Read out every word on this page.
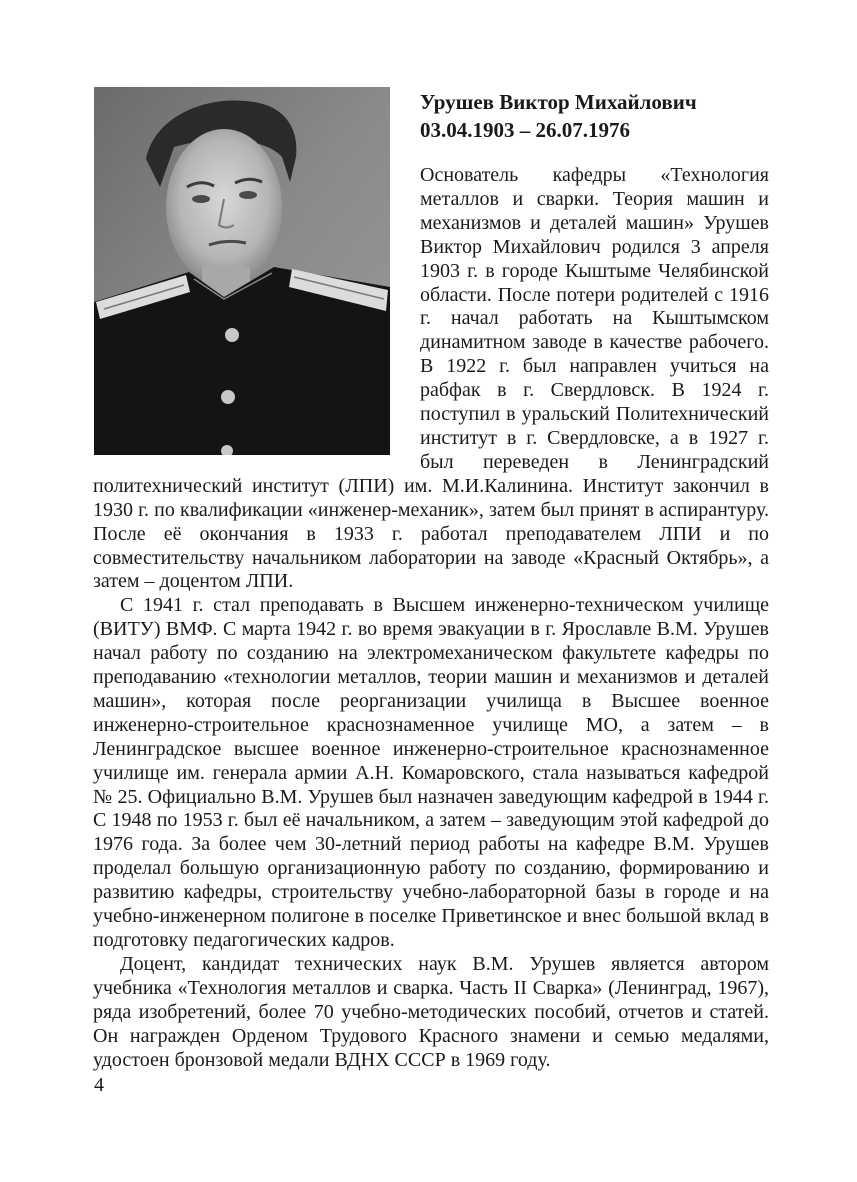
Урушев Виктор Михайлович
03.04.1903 – 26.07.1976

Основатель кафедры «Технология металлов и сварки. Теория машин и механизмов и деталей машин» Урушев Виктор Михайлович родился 3 апреля 1903 г. в городе Кыштыме Челябинской области. После потери родителей с 1916 г. начал работать на Кыштымском динамитном заводе в качестве рабочего. В 1922 г. был направлен учиться на рабфак в г. Свердловск. В 1924 г. поступил в уральский Политехнический институт в г. Свердловске, а в 1927 г. был переведен в Ленинградский политехнический институт (ЛПИ) им. М.И.Калинина. Институт закончил в 1930 г. по квалификации «инженер-механик», затем был принят в аспирантуру. После её окончания в 1933 г. работал преподавателем ЛПИ и по совместительству начальником лаборатории на заводе «Красный Октябрь», а затем – доцентом ЛПИ.

С 1941 г. стал преподавать в Высшем инженерно-техническом училище (ВИТУ) ВМФ. С марта 1942 г. во время эвакуации в г. Ярославле В.М. Урушев начал работу по созданию на электромеханическом факультете кафедры по преподаванию «технологии металлов, теории машин и механизмов и деталей машин», которая после реорганизации училища в Высшее военное инженерно-строительное краснознаменное училище МО, а затем – в Ленинградское высшее военное инженерно-строительное краснознаменное училище им. генерала армии А.Н. Комаровского, стала называться кафедрой № 25. Официально В.М. Урушев был назначен заведующим кафедрой в 1944 г. С 1948 по 1953 г. был её начальником, а затем – заведующим этой кафедрой до 1976 года. За более чем 30-летний период работы на кафедре В.М. Урушев проделал большую организационную работу по созданию, формированию и развитию кафедры, строительству учебно-лабораторной базы в городе и на учебно-инженерном полигоне в поселке Приветинское и внес большой вклад в подготовку педагогических кадров.

Доцент, кандидат технических наук В.М. Урушев является автором учебника «Технология металлов и сварка. Часть II Сварка» (Ленинград, 1967), ряда изобретений, более 70 учебно-методических пособий, отчетов и статей. Он награжден Орденом Трудового Красного знамени и семью медалями, удостоен бронзовой медали ВДНХ СССР в 1969 году.

4
